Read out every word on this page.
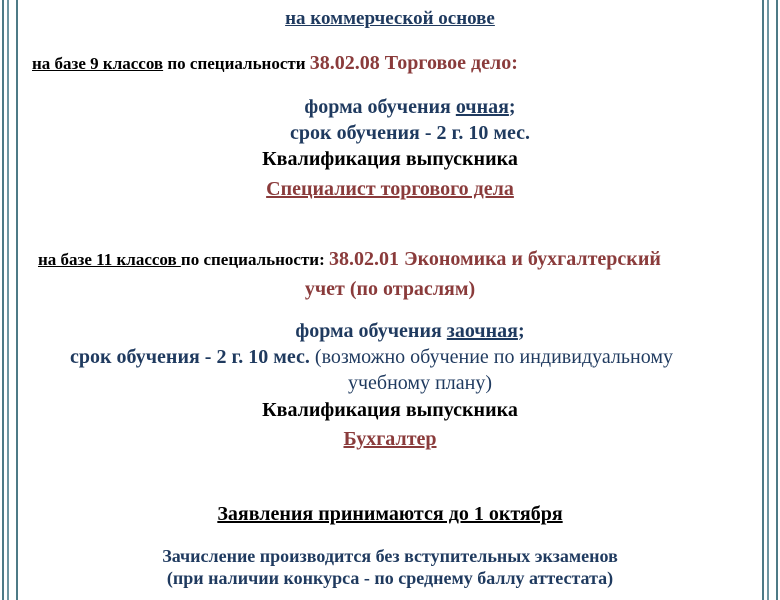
на коммерческой основе
на базе 9 классов по специальности 38.02.08 Торговое дело:
форма обучения очная;
срок обучения - 2 г. 10 мес.
Квалификация выпускника
Специалист торгового дела
на базе 11 классов по специальности: 38.02.01 Экономика и бухгалтерский
учет (по отраслям)
форма обучения заочная;
срок обучения - 2 г. 10 мес. (возможно обучение по индивидуальному
учебному плану)
Квалификация выпускника
Бухгалтер
Заявления принимаются до 1 октября
Зачисление производится без вступительных экзаменов
(при наличии конкурса - по среднему баллу аттестата)
